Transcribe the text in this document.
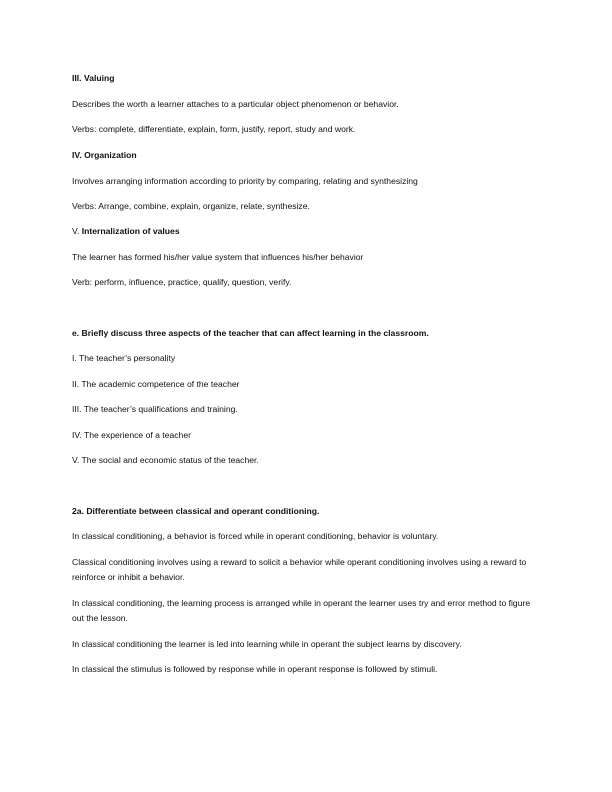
III. Valuing
Describes the worth a learner attaches to a particular object phenomenon or behavior.
Verbs: complete, differentiate, explain, form, justify, report, study and work.
IV. Organization
Involves arranging information according to priority by comparing, relating and synthesizing
Verbs: Arrange, combine, explain, organize, relate, synthesize.
V. Internalization of values
The learner has formed his/her value system that influences his/her behavior
Verb: perform, influence, practice, qualify, question, verify.
e. Briefly discuss three aspects of the teacher that can affect learning in the classroom.
I. The teacher’s personality
II. The academic competence of the teacher
III. The teacher’s qualifications and training.
IV. The experience of a teacher
V. The social and economic status of the teacher.
2a. Differentiate between classical and operant conditioning.
In classical conditioning, a behavior is forced while in operant conditioning, behavior is voluntary.
Classical conditioning involves using a reward to solicit a behavior while operant conditioning involves using a reward to reinforce or inhibit a behavior.
In classical conditioning, the learning process is arranged while in operant the learner uses try and error method to figure out the lesson.
In classical conditioning the learner is led into learning while in operant the subject learns by discovery.
In classical the stimulus is followed by response while in operant response is followed by stimuli.
